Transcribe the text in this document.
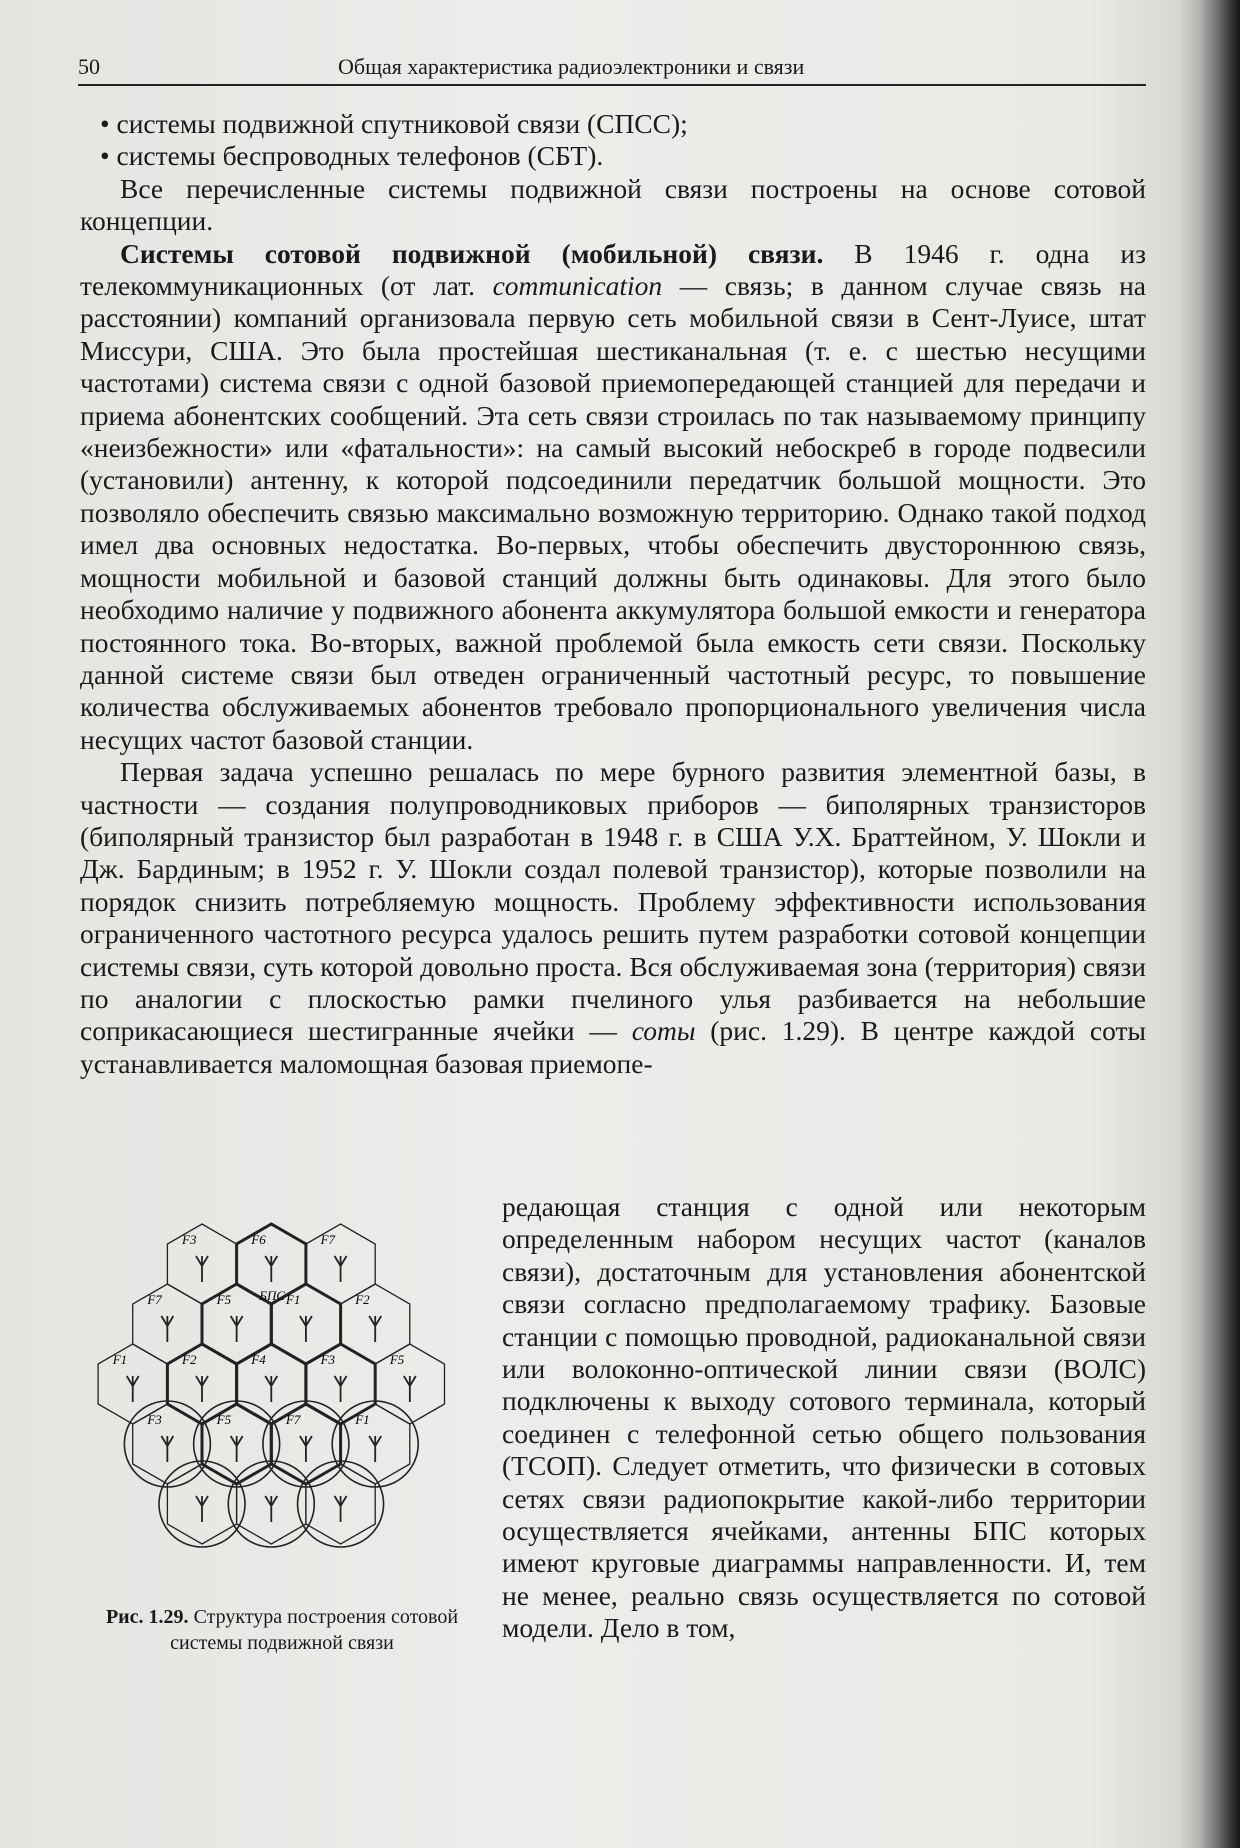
50	Общая характеристика радиоэлектроники и связи

• системы подвижной спутниковой связи (СПСС);

• системы беспроводных телефонов (СБТ).

Все перечисленные системы подвижной связи построены на основе сотовой концепции.

Системы сотовой подвижной (мобильной) связи. В 1946 г. одна из телекоммуникационных (от лат. communication — связь; в данном случае связь на расстоянии) компаний организовала первую сеть мобильной связи в Сент-Луисе, штат Миссури, США. Это была простейшая шестиканальная (т. е. с шестью несущими частотами) система связи с одной базовой приемопередающей станцией для передачи и приема абонентских сообщений. Эта сеть связи строилась по так называемому принципу «неизбежности» или «фатальности»: на самый высокий небоскреб в городе подвесили (установили) антенну, к которой подсоединили передатчик большой мощности. Это позволяло обеспечить связью максимально возможную территорию. Однако такой подход имел два основных недостатка. Во-первых, чтобы обеспечить двустороннюю связь, мощности мобильной и базовой станций должны быть одинаковы. Для этого было необходимо наличие у подвижного абонента аккумулятора большой емкости и генератора постоянного тока. Во-вторых, важной проблемой была емкость сети связи. Поскольку данной системе связи был отведен ограниченный частотный ресурс, то повышение количества обслуживаемых абонентов требовало пропорционального увеличения числа несущих частот базовой станции.

Первая задача успешно решалась по мере бурного развития элементной базы, в частности — создания полупроводниковых приборов — биполярных транзисторов (биполярный транзистор был разработан в 1948 г. в США У.Х. Браттейном, У. Шокли и Дж. Бардиным; в 1952 г. У. Шокли создал полевой транзистор), которые позволили на порядок снизить потребляемую мощность. Проблему эффективности использования ограниченного частотного ресурса удалось решить путем разработки сотовой концепции системы связи, суть которой довольно проста. Вся обслуживаемая зона (территория) связи по аналогии с плоскостью рамки пчелиного улья разбивается на небольшие соприкасающиеся шестигранные ячейки — соты (рис. 1.29). В центре каждой соты устанавливается маломощная базовая приемопе-

F3	F6	F7
F7	F5	F1	F2
F1	F2	F4	F3	F5
F3	F5	F7	F1
БПС
редающая станция с одной или некоторым определенным набором несущих частот (каналов связи), достаточным для установления абонентской связи согласно предполагаемому трафику. Базовые станции с помощью проводной, радиоканальной связи или волоконно-оптической линии связи (ВОЛС) подключены к выходу сотового терминала, который соединен с телефонной сетью общего пользования (ТСОП). Следует отметить, что физически в сотовых сетях связи радиопокрытие какой-либо территории осуществляется ячейками, антенны БПС которых имеют круговые диаграммы направленности. И, тем не менее, реально связь осуществляется по сотовой модели. Дело в том,
Рис. 1.29. Структура построения сотовой системы подвижной связи
